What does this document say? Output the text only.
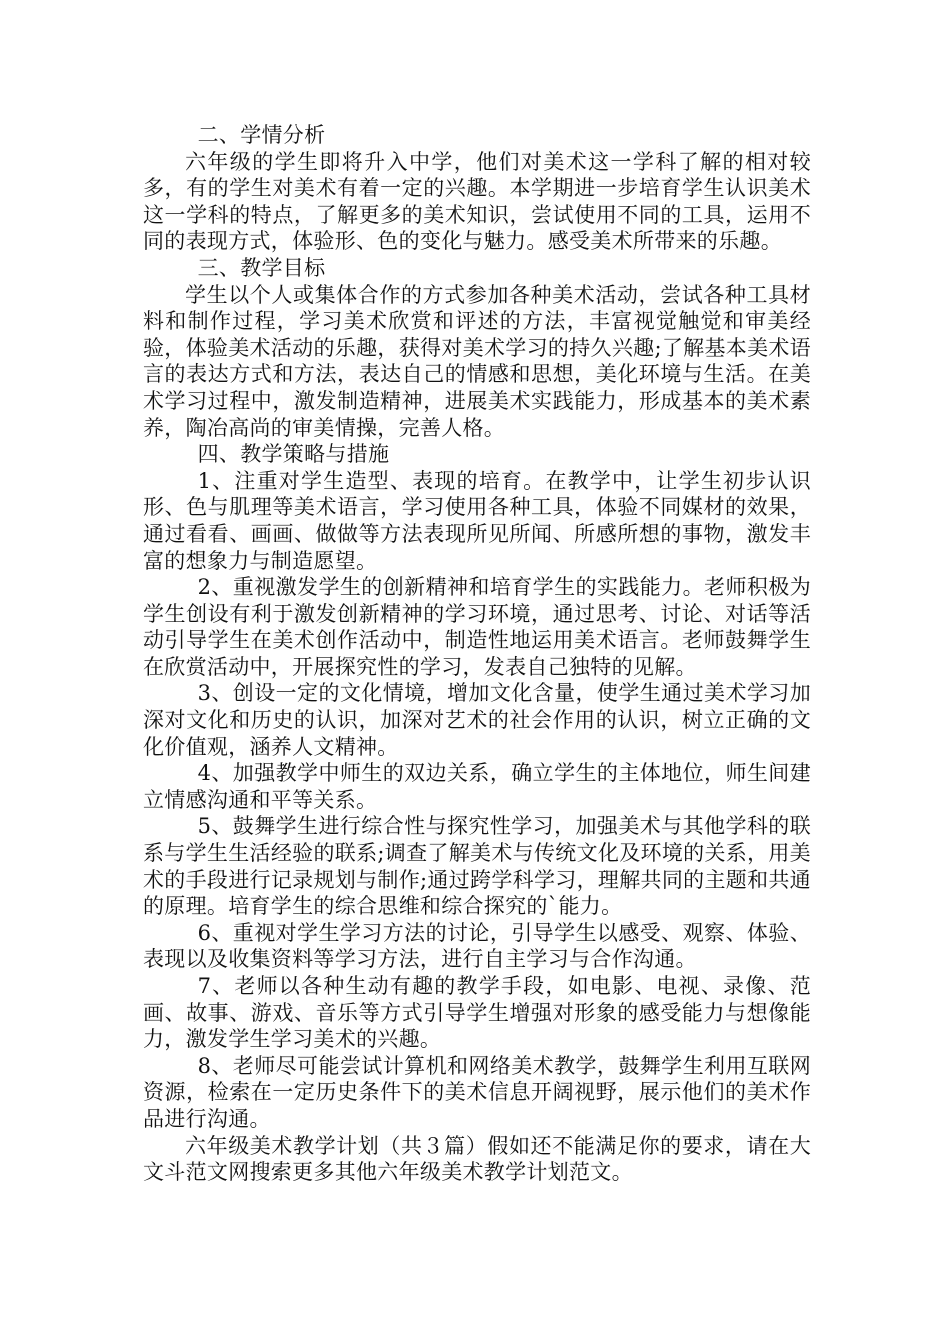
二、学情分析

六年级的学生即将升入中学，他们对美术这一学科了解的相对较多，有的学生对美术有着一定的兴趣。本学期进一步培育学生认识美术这一学科的特点，了解更多的美术知识，尝试使用不同的工具，运用不同的表现方式，体验形、色的变化与魅力。感受美术所带来的乐趣。

三、教学目标

学生以个人或集体合作的方式参加各种美术活动，尝试各种工具材料和制作过程，学习美术欣赏和评述的方法，丰富视觉触觉和审美经验，体验美术活动的乐趣，获得对美术学习的持久兴趣;了解基本美术语言的表达方式和方法，表达自己的情感和思想，美化环境与生活。在美术学习过程中，激发制造精神，进展美术实践能力，形成基本的美术素养，陶冶高尚的审美情操，完善人格。

四、教学策略与措施

1、注重对学生造型、表现的培育。在教学中，让学生初步认识形、色与肌理等美术语言，学习使用各种工具，体验不同媒材的效果，通过看看、画画、做做等方法表现所见所闻、所感所想的事物，激发丰富的想象力与制造愿望。

2、重视激发学生的创新精神和培育学生的实践能力。老师积极为学生创设有利于激发创新精神的学习环境，通过思考、讨论、对话等活动引导学生在美术创作活动中，制造性地运用美术语言。老师鼓舞学生在欣赏活动中，开展探究性的学习，发表自己独特的见解。

3、创设一定的文化情境，增加文化含量，使学生通过美术学习加深对文化和历史的认识，加深对艺术的社会作用的认识，树立正确的文化价值观，涵养人文精神。

4、加强教学中师生的双边关系，确立学生的主体地位，师生间建立情感沟通和平等关系。

5、鼓舞学生进行综合性与探究性学习，加强美术与其他学科的联系与学生生活经验的联系;调查了解美术与传统文化及环境的关系，用美术的手段进行记录规划与制作;通过跨学科学习，理解共同的主题和共通的原理。培育学生的综合思维和综合探究的`能力。

6、重视对学生学习方法的讨论，引导学生以感受、观察、体验、表现以及收集资料等学习方法，进行自主学习与合作沟通。

7、老师以各种生动有趣的教学手段，如电影、电视、录像、范画、故事、游戏、音乐等方式引导学生增强对形象的感受能力与想像能力，激发学生学习美术的兴趣。

8、老师尽可能尝试计算机和网络美术教学，鼓舞学生利用互联网资源，检索在一定历史条件下的美术信息开阔视野，展示他们的美术作品进行沟通。

六年级美术教学计划（共３篇）假如还不能满足你的要求，请在大文斗范文网搜索更多其他六年级美术教学计划范文。
